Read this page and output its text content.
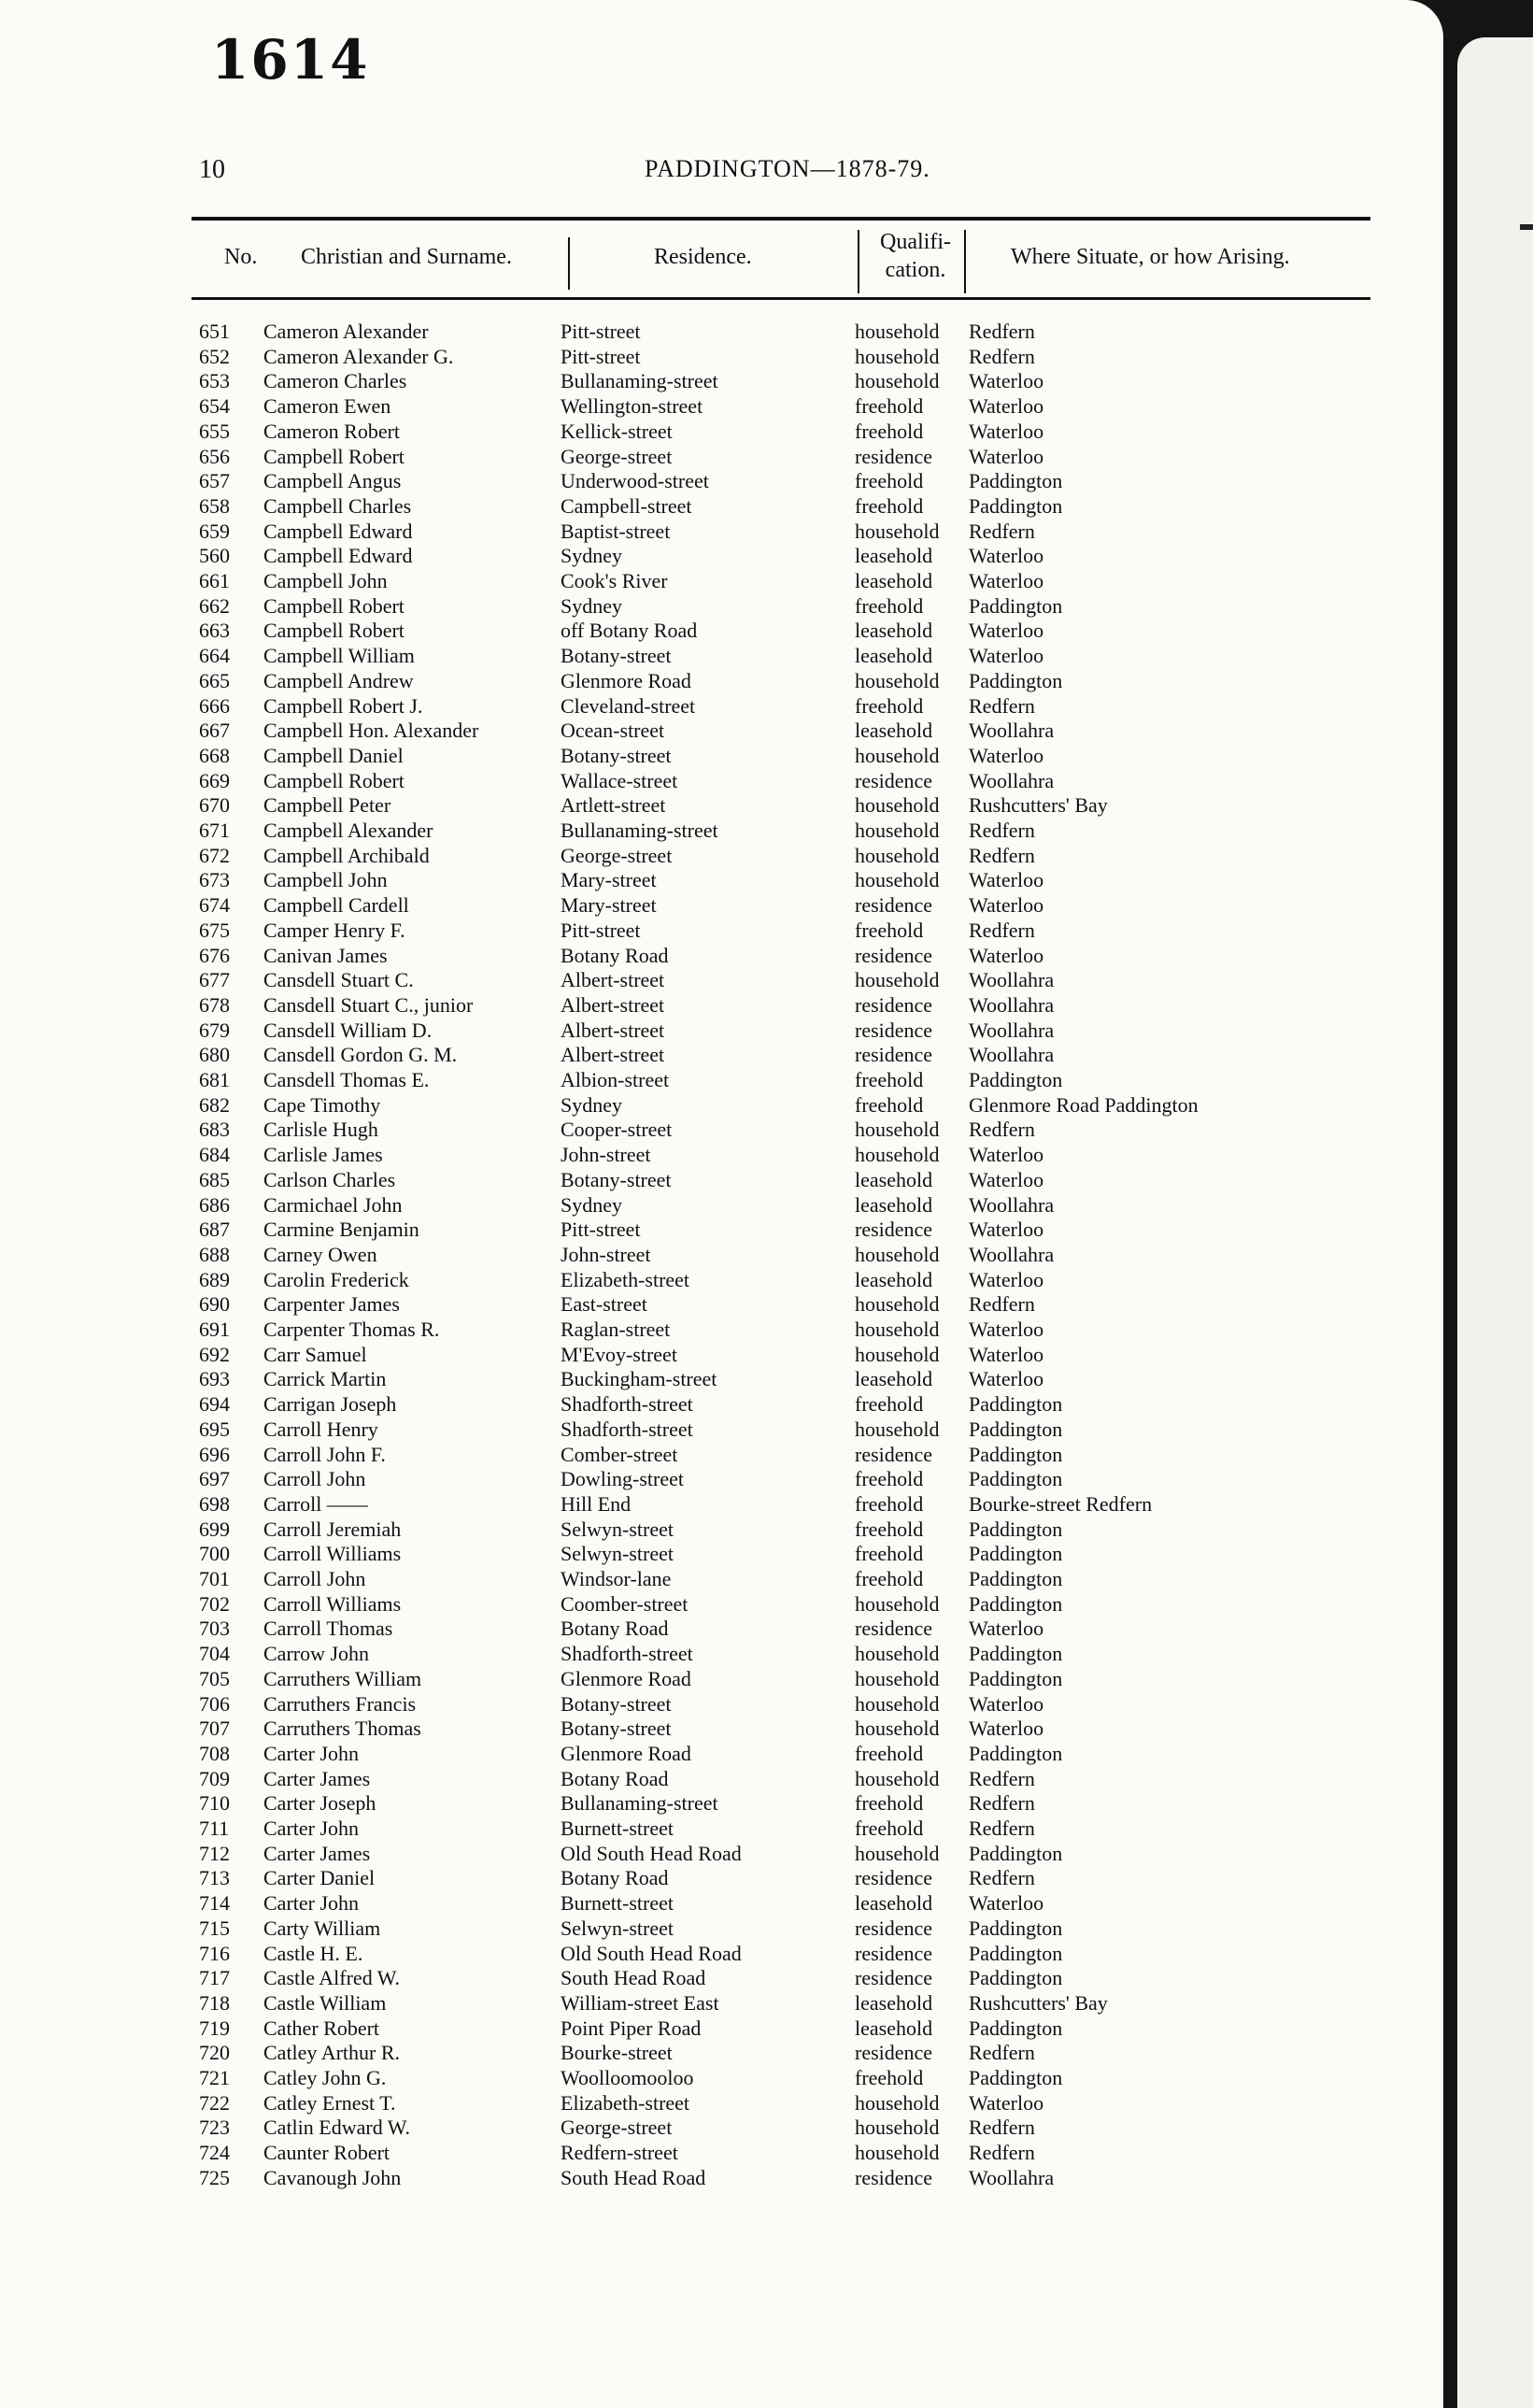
1614
10	PADDINGTON—1878-79.
No. Christian and Surname.	Residence.
Qualifi-
cation.
Where Situate, or how Arising.
651	Cameron Alexander	Pitt-street	household Redfern
652	Cameron Alexander G.	Pitt-street	household Redfern
653	Cameron Charles	Bullanaming-street	household Waterloo
654	Cameron Ewen	Wellington-street	freehold Waterloo
655	Cameron Robert	Kellick-street	freehold Waterloo
656	Campbell Robert	George-street	residence Waterloo
657	Campbell Angus	Underwood-street	freehold Paddington
658	Campbell Charles	Campbell-street	freehold Paddington
659	Campbell Edward	Baptist-street	household Redfern
560	Campbell Edward	Sydney	leasehold Waterloo
661	Campbell John	Cook's River	leasehold Waterloo
662	Campbell Robert	Sydney	freehold Paddington
663	Campbell Robert	off Botany Road	leasehold Waterloo
664	Campbell William	Botany-street	leasehold Waterloo
665	Campbell Andrew	Glenmore Road	household Paddington
666	Campbell Robert J.	Cleveland-street	freehold Redfern
667	Campbell Hon. Alexander	Ocean-street	leasehold Woollahra
668	Campbell Daniel	Botany-street	household Waterloo
669	Campbell Robert	Wallace-street	residence Woollahra
670	Campbell Peter	Artlett-street	household Rushcutters' Bay
671	Campbell Alexander	Bullanaming-street	household Redfern
672	Campbell Archibald	George-street	household Redfern
673	Campbell John	Mary-street	household Waterloo
674	Campbell Cardell	Mary-street	residence Waterloo
675	Camper Henry F.	Pitt-street	freehold Redfern
676	Canivan James	Botany Road	residence Waterloo
677	Cansdell Stuart C.	Albert-street	household Woollahra
678	Cansdell Stuart C., junior	Albert-street	residence Woollahra
679	Cansdell William D.	Albert-street	residence Woollahra
680	Cansdell Gordon G. M.	Albert-street	residence Woollahra
681	Cansdell Thomas E.	Albion-street	freehold Paddington
682	Cape Timothy	Sydney	freehold Glenmore Road Paddington
683	Carlisle Hugh	Cooper-street	household Redfern
684	Carlisle James	John-street	household Waterloo
685	Carlson Charles	Botany-street	leasehold Waterloo
686	Carmichael John	Sydney	leasehold Woollahra
687	Carmine Benjamin	Pitt-street	residence Waterloo
688	Carney Owen	John-street	household Woollahra
689	Carolin Frederick	Elizabeth-street	leasehold Waterloo
690	Carpenter James	East-street	household Redfern
691	Carpenter Thomas R.	Raglan-street	household Waterloo
692	Carr Samuel	M'Evoy-street	household Waterloo
693	Carrick Martin	Buckingham-street	leasehold Waterloo
694	Carrigan Joseph	Shadforth-street	freehold Paddington
695	Carroll Henry	Shadforth-street	household Paddington
696	Carroll John F.	Comber-street	residence Paddington
697	Carroll John	Dowling-street	freehold Paddington
698	Carroll ——	Hill End	freehold Bourke-street Redfern
699	Carroll Jeremiah	Selwyn-street	freehold Paddington
700	Carroll Williams	Selwyn-street	freehold Paddington
701	Carroll John	Windsor-lane	freehold Paddington
702	Carroll Williams	Coomber-street	household Paddington
703	Carroll Thomas	Botany Road	residence Waterloo
704	Carrow John	Shadforth-street	household Paddington
705	Carruthers William	Glenmore Road	household Paddington
706	Carruthers Francis	Botany-street	household Waterloo
707	Carruthers Thomas	Botany-street	household Waterloo
708	Carter John	Glenmore Road	freehold Paddington
709	Carter James	Botany Road	household Redfern
710	Carter Joseph	Bullanaming-street	freehold Redfern
711	Carter John	Burnett-street	freehold Redfern
712	Carter James	Old South Head Road	household Paddington
713	Carter Daniel	Botany Road	residence Redfern
714	Carter John	Burnett-street	leasehold Waterloo
715	Carty William	Selwyn-street	residence Paddington
716	Castle H. E.	Old South Head Road	residence Paddington
717	Castle Alfred W.	South Head Road	residence Paddington
718	Castle William	William-street East	leasehold Rushcutters' Bay
719	Cather Robert	Point Piper Road	leasehold Paddington
720	Catley Arthur R.	Bourke-street	residence Redfern
721	Catley John G.	Woolloomooloo	freehold Paddington
722	Catley Ernest T.	Elizabeth-street	household Waterloo
723	Catlin Edward W.	George-street	household Redfern
724	Caunter Robert	Redfern-street	household Redfern
725	Cavanough John	South Head Road	residence Woollahra
